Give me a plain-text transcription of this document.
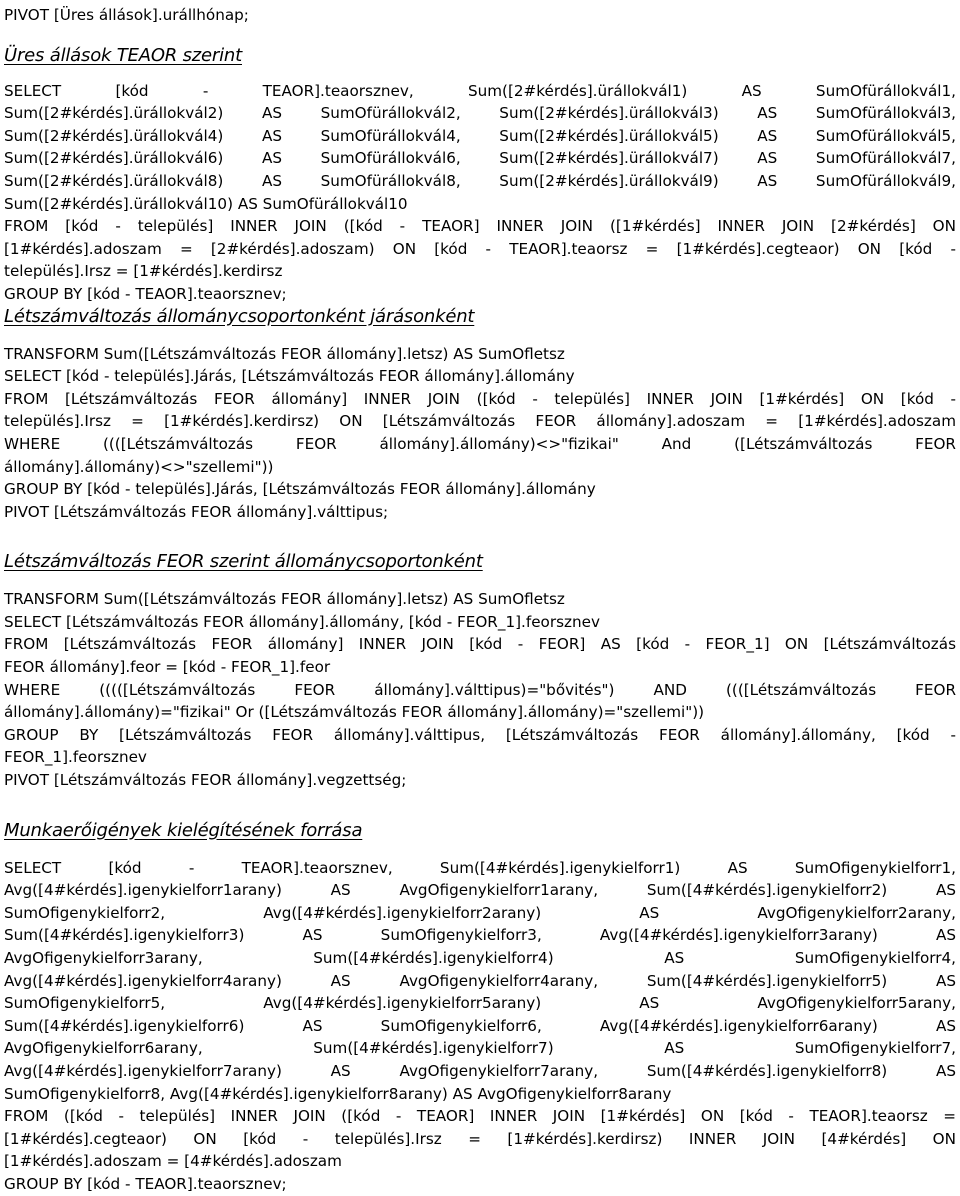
PIVOT [Üres állások].urállhónap;
Üres állások TEAOR szerint
SELECT [kód - TEAOR].teaorsznev, Sum([2#kérdés].ürállokvál1) AS SumOfürállokvál1,
Sum([2#kérdés].ürállokvál2) AS SumOfürállokvál2, Sum([2#kérdés].ürállokvál3) AS SumOfürállokvál3,
Sum([2#kérdés].ürállokvál4) AS SumOfürállokvál4, Sum([2#kérdés].ürállokvál5) AS SumOfürállokvál5,
Sum([2#kérdés].ürállokvál6) AS SumOfürállokvál6, Sum([2#kérdés].ürállokvál7) AS SumOfürállokvál7,
Sum([2#kérdés].ürállokvál8) AS SumOfürállokvál8, Sum([2#kérdés].ürállokvál9) AS SumOfürállokvál9,
Sum([2#kérdés].ürállokvál10) AS SumOfürállokvál10
FROM [kód - település] INNER JOIN ([kód - TEAOR] INNER JOIN ([1#kérdés] INNER JOIN [2#kérdés] ON
[1#kérdés].adoszam = [2#kérdés].adoszam) ON [kód - TEAOR].teaorsz = [1#kérdés].cegteaor) ON [kód -
település].Irsz = [1#kérdés].kerdirsz
GROUP BY [kód - TEAOR].teaorsznev;
Létszámváltozás állománycsoportonként járásonként
TRANSFORM Sum([Létszámváltozás FEOR állomány].letsz) AS SumOfletsz
SELECT [kód - település].Járás, [Létszámváltozás FEOR állomány].állomány
FROM [Létszámváltozás FEOR állomány] INNER JOIN ([kód - település] INNER JOIN [1#kérdés] ON [kód -
település].Irsz = [1#kérdés].kerdirsz) ON [Létszámváltozás FEOR állomány].adoszam = [1#kérdés].adoszam
WHERE ((([Létszámváltozás FEOR állomány].állomány)<>"fizikai" And ([Létszámváltozás FEOR
állomány].állomány)<>"szellemi"))
GROUP BY [kód - település].Járás, [Létszámváltozás FEOR állomány].állomány
PIVOT [Létszámváltozás FEOR állomány].válttipus;
Létszámváltozás FEOR szerint állománycsoportonként
TRANSFORM Sum([Létszámváltozás FEOR állomány].letsz) AS SumOfletsz
SELECT [Létszámváltozás FEOR állomány].állomány, [kód - FEOR_1].feorsznev
FROM [Létszámváltozás FEOR állomány] INNER JOIN [kód - FEOR] AS [kód - FEOR_1] ON [Létszámváltozás
FEOR állomány].feor = [kód - FEOR_1].feor
WHERE (((([Létszámváltozás FEOR állomány].válttipus)="bővités") AND ((([Létszámváltozás FEOR
állomány].állomány)="fizikai" Or ([Létszámváltozás FEOR állomány].állomány)="szellemi"))
GROUP BY [Létszámváltozás FEOR állomány].válttipus, [Létszámváltozás FEOR állomány].állomány, [kód -
FEOR_1].feorsznev
PIVOT [Létszámváltozás FEOR állomány].vegzettség;
Munkaerőigények kielégítésének forrása
SELECT [kód - TEAOR].teaorsznev, Sum([4#kérdés].igenykielforr1) AS SumOfigenykielforr1,
Avg([4#kérdés].igenykielforr1arany) AS AvgOfigenykielforr1arany, Sum([4#kérdés].igenykielforr2) AS
SumOfigenykielforr2, Avg([4#kérdés].igenykielforr2arany) AS AvgOfigenykielforr2arany,
Sum([4#kérdés].igenykielforr3) AS SumOfigenykielforr3, Avg([4#kérdés].igenykielforr3arany) AS
AvgOfigenykielforr3arany, Sum([4#kérdés].igenykielforr4) AS SumOfigenykielforr4,
Avg([4#kérdés].igenykielforr4arany) AS AvgOfigenykielforr4arany, Sum([4#kérdés].igenykielforr5) AS
SumOfigenykielforr5, Avg([4#kérdés].igenykielforr5arany) AS AvgOfigenykielforr5arany,
Sum([4#kérdés].igenykielforr6) AS SumOfigenykielforr6, Avg([4#kérdés].igenykielforr6arany) AS
AvgOfigenykielforr6arany, Sum([4#kérdés].igenykielforr7) AS SumOfigenykielforr7,
Avg([4#kérdés].igenykielforr7arany) AS AvgOfigenykielforr7arany, Sum([4#kérdés].igenykielforr8) AS
SumOfigenykielforr8, Avg([4#kérdés].igenykielforr8arany) AS AvgOfigenykielforr8arany
FROM ([kód - település] INNER JOIN ([kód - TEAOR] INNER JOIN [1#kérdés] ON [kód - TEAOR].teaorsz =
[1#kérdés].cegteaor) ON [kód - település].Irsz = [1#kérdés].kerdirsz) INNER JOIN [4#kérdés] ON
[1#kérdés].adoszam = [4#kérdés].adoszam
GROUP BY [kód - TEAOR].teaorsznev;
